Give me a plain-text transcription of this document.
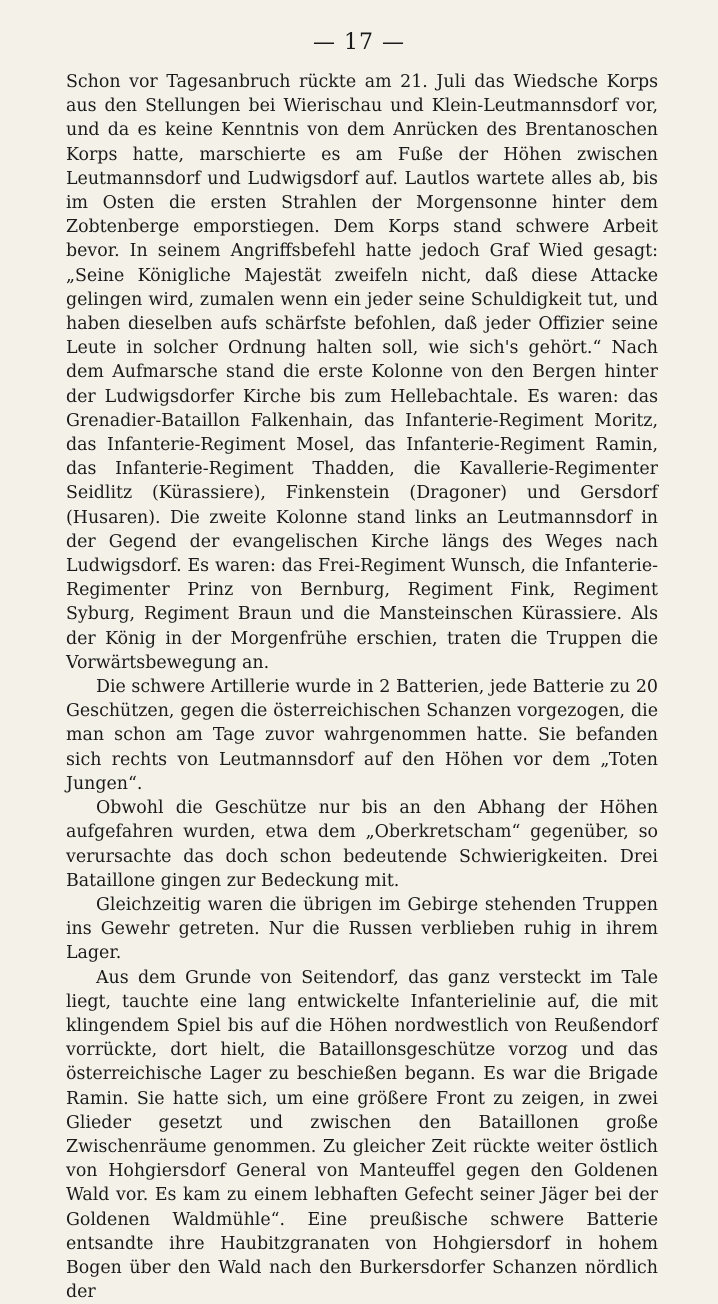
— 17 —

Schon vor Tagesanbruch rückte am 21. Juli das Wiedsche Korps aus den Stellungen bei Wierischau und Klein-Leutmannsdorf vor, und da es keine Kenntnis von dem Anrücken des Brentanoschen Korps hatte, marschierte es am Fuße der Höhen zwischen Leutmannsdorf und Ludwigsdorf auf. Lautlos wartete alles ab, bis im Osten die ersten Strahlen der Morgensonne hinter dem Zobtenberge emporstiegen. Dem Korps stand schwere Arbeit bevor. In seinem Angriffsbefehl hatte jedoch Graf Wied gesagt: „Seine Königliche Majestät zweifeln nicht, daß diese Attacke gelingen wird, zumalen wenn ein jeder seine Schuldigkeit tut, und haben dieselben aufs schärfste befohlen, daß jeder Offizier seine Leute in solcher Ordnung halten soll, wie sich's gehört.“ Nach dem Aufmarsche stand die erste Kolonne von den Bergen hinter der Ludwigsdorfer Kirche bis zum Hellebachtale. Es waren: das Grenadier-Bataillon Falkenhain, das Infanterie-Regiment Moritz, das Infanterie-Regiment Mosel, das Infanterie-Regiment Ramin, das Infanterie-Regiment Thadden, die Kavallerie-Regimenter Seidlitz (Kürassiere), Finkenstein (Dragoner) und Gersdorf (Husaren). Die zweite Kolonne stand links an Leutmannsdorf in der Gegend der evangelischen Kirche längs des Weges nach Ludwigsdorf. Es waren: das Frei-Regiment Wunsch, die Infanterie-Regimenter Prinz von Bernburg, Regiment Fink, Regiment Syburg, Regiment Braun und die Mansteinschen Kürassiere. Als der König in der Morgenfrühe erschien, traten die Truppen die Vorwärtsbewegung an.

Die schwere Artillerie wurde in 2 Batterien, jede Batterie zu 20 Geschützen, gegen die österreichischen Schanzen vorgezogen, die man schon am Tage zuvor wahrgenommen hatte. Sie befanden sich rechts von Leutmannsdorf auf den Höhen vor dem „Toten Jungen“.

Obwohl die Geschütze nur bis an den Abhang der Höhen aufgefahren wurden, etwa dem „Oberkretscham“ gegenüber, so verursachte das doch schon bedeutende Schwierigkeiten. Drei Bataillone gingen zur Bedeckung mit.

Gleichzeitig waren die übrigen im Gebirge stehenden Truppen ins Gewehr getreten. Nur die Russen verblieben ruhig in ihrem Lager.

Aus dem Grunde von Seitendorf, das ganz versteckt im Tale liegt, tauchte eine lang entwickelte Infanterielinie auf, die mit klingendem Spiel bis auf die Höhen nordwestlich von Reußendorf vorrückte, dort hielt, die Bataillonsgeschütze vorzog und das österreichische Lager zu beschießen begann. Es war die Brigade Ramin. Sie hatte sich, um eine größere Front zu zeigen, in zwei Glieder gesetzt und zwischen den Bataillonen große Zwischenräume genommen. Zu gleicher Zeit rückte weiter östlich von Hohgiersdorf General von Manteuffel gegen den Goldenen Wald vor. Es kam zu einem lebhaften Gefecht seiner Jäger bei der Goldenen Waldmühle“. Eine preußische schwere Batterie entsandte ihre Haubitzgranaten von Hohgiersdorf in hohem Bogen über den Wald nach den Burkersdorfer Schanzen nördlich der
